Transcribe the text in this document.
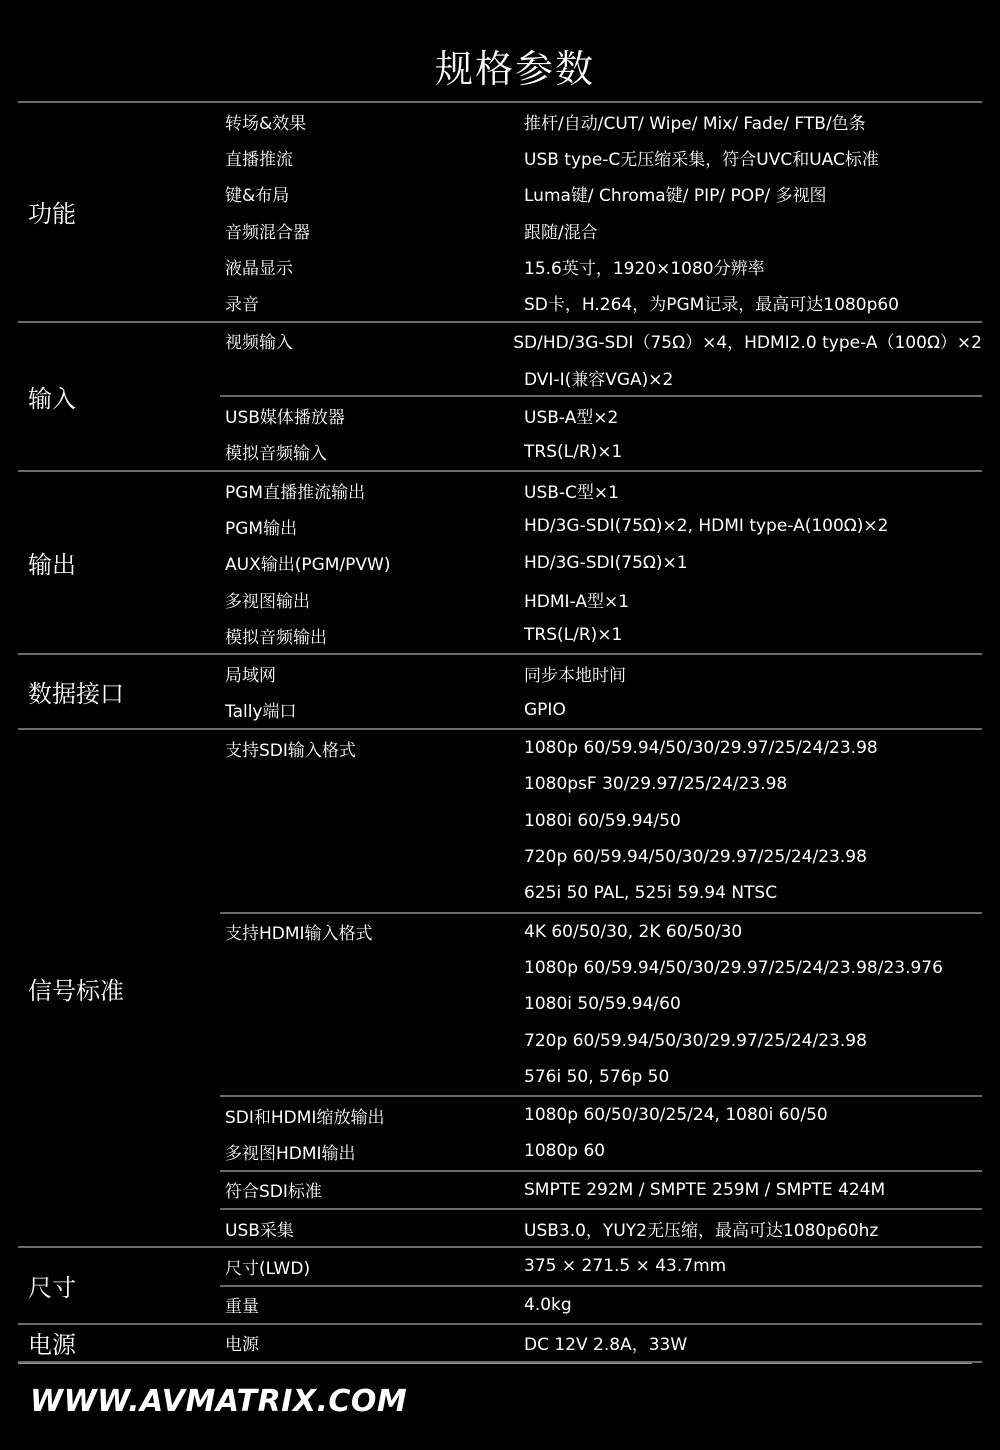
规格参数
功能
转场&效果	推杆/自动/CUT/ Wipe/ Mix/ Fade/ FTB/色条
直播推流	USB type-C无压缩采集，符合UVC和UAC标准
键&布局	Luma键/ Chroma键/ PIP/ POP/ 多视图
音频混合器	跟随/混合
液晶显示	15.6英寸，1920×1080分辨率
录音	SD卡，H.264，为PGM记录，最高可达1080p60
输入
视频输入	SD/HD/3G-SDI（75Ω）×4，HDMI2.0 type-A（100Ω）×2
DVI-I(兼容VGA)×2
USB媒体播放器	USB-A型×2
模拟音频输入	TRS(L/R)×1
输出
PGM直播推流输出	USB-C型×1
PGM输出	HD/3G-SDI(75Ω)×2, HDMI type-A(100Ω)×2
AUX输出(PGM/PVW)	HD/3G-SDI(75Ω)×1
多视图输出	HDMI-A型×1
模拟音频输出	TRS(L/R)×1
数据接口
局域网	同步本地时间
Tally端口	GPIO
信号标准
支持SDI输入格式	1080p 60/59.94/50/30/29.97/25/24/23.98
1080psF 30/29.97/25/24/23.98
1080i 60/59.94/50
720p 60/59.94/50/30/29.97/25/24/23.98
625i 50 PAL, 525i 59.94 NTSC
支持HDMI输入格式	4K 60/50/30, 2K 60/50/30
1080p 60/59.94/50/30/29.97/25/24/23.98/23.976
1080i 50/59.94/60
720p 60/59.94/50/30/29.97/25/24/23.98
576i 50, 576p 50
SDI和HDMI缩放输出	1080p 60/50/30/25/24, 1080i 60/50
多视图HDMI输出	1080p 60
符合SDI标准	SMPTE 292M / SMPTE 259M / SMPTE 424M
USB采集	USB3.0，YUY2无压缩，最高可达1080p60hz
尺寸
尺寸(LWD)	375 × 271.5 × 43.7mm
重量	4.0kg
电源	电源	DC 12V 2.8A，33W
WWW.AVMATRIX.COM
